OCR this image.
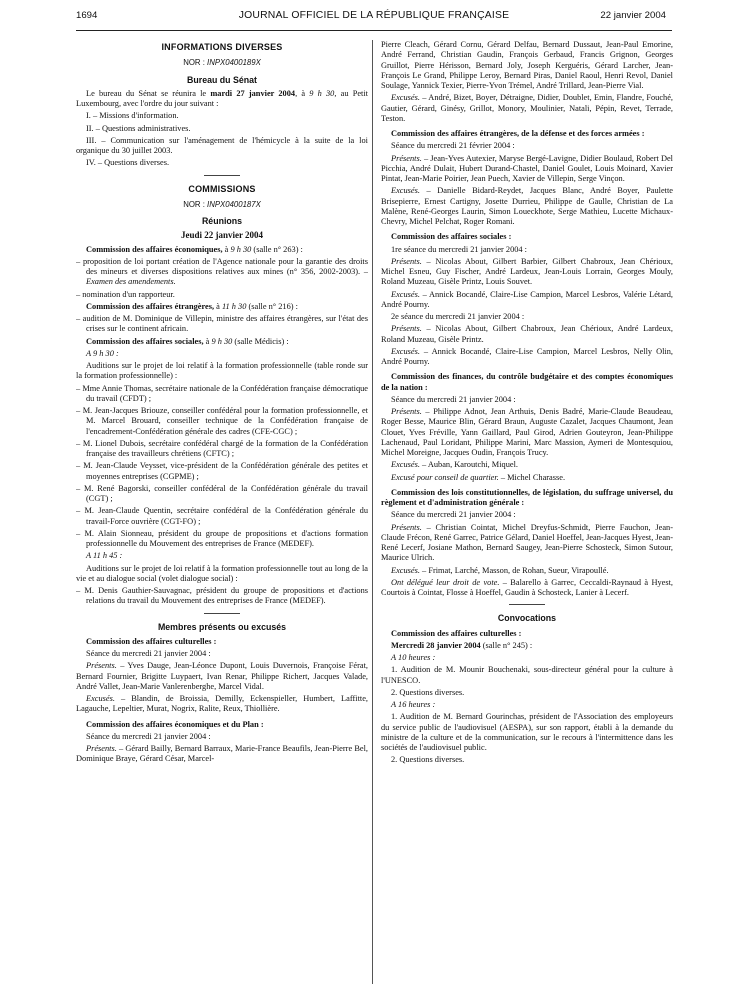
1694	JOURNAL OFFICIEL DE LA RÉPUBLIQUE FRANÇAISE	22 janvier 2004
INFORMATIONS DIVERSES
NOR : INPX0400189X
Bureau du Sénat

Le bureau du Sénat se réunira le mardi 27 janvier 2004, à 9 h 30, au Petit Luxembourg, avec l'ordre du jour suivant :

I. – Missions d'information.

II. – Questions administratives.

III. – Communication sur l'aménagement de l'hémicycle à la suite de la loi organique du 30 juillet 2003.

IV. – Questions diverses.

COMMISSIONS
NOR : INPX0400187X
Réunions
Jeudi 22 janvier 2004

Commission des affaires économiques, à 9 h 30 (salle n° 263) :

– proposition de loi portant création de l'Agence nationale pour la garantie des droits des mineurs et diverses dispositions relatives aux mines (n° 356, 2002-2003). – Examen des amendements.

– nomination d'un rapporteur.

Commission des affaires étrangères, à 11 h 30 (salle n° 216) :

– audition de M. Dominique de Villepin, ministre des affaires étrangères, sur l'état des crises sur le continent africain.

Commission des affaires sociales, à 9 h 30 (salle Médicis) :

A 9 h 30 :

Auditions sur le projet de loi relatif à la formation professionnelle (table ronde sur la formation professionnelle) :

– Mme Annie Thomas, secrétaire nationale de la Confédération française démocratique du travail (CFDT) ;

– M. Jean-Jacques Briouze, conseiller confédéral pour la formation professionnelle, et M. Marcel Brouard, conseiller technique de la Confédération française de l'encadrement-Confédération générale des cadres (CFE-CGC) ;

– M. Lionel Dubois, secrétaire confédéral chargé de la formation de la Confédération française des travailleurs chrétiens (CFTC) ;

– M. Jean-Claude Veysset, vice-président de la Confédération générale des petites et moyennes entreprises (CGPME) ;

– M. René Bagorski, conseiller confédéral de la Confédération générale du travail (CGT) ;

– M. Jean-Claude Quentin, secrétaire confédéral de la Confédération générale du travail-Force ouvrière (CGT-FO) ;

– M. Alain Sionneau, président du groupe de propositions et d'actions formation professionnelle du Mouvement des entreprises de France (MEDEF).

A 11 h 45 :

Auditions sur le projet de loi relatif à la formation professionnelle tout au long de la vie et au dialogue social (volet dialogue social) :

– M. Denis Gauthier-Sauvagnac, président du groupe de propositions et d'actions relations du travail du Mouvement des entreprises de France (MEDEF).

Membres présents ou excusés

Commission des affaires culturelles :

Séance du mercredi 21 janvier 2004 :

Présents. – Yves Dauge, Jean-Léonce Dupont, Louis Duvernois, Françoise Férat, Bernard Fournier, Brigitte Luypaert, Ivan Renar, Philippe Richert, Jacques Valade, André Vallet, Jean-Marie Vanlerenberghe, Marcel Vidal.

Excusés. – Blandin, de Broissia, Demilly, Eckenspieller, Humbert, Laffitte, Lagauche, Lepeltier, Murat, Nogrix, Ralite, Reux, Thiollière.

Commission des affaires économiques et du Plan :

Séance du mercredi 21 janvier 2004 :

Présents. – Gérard Bailly, Bernard Barraux, Marie-France Beaufils, Jean-Pierre Bel, Dominique Braye, Gérard César, Marcel-

Pierre Cleach, Gérard Cornu, Gérard Delfau, Bernard Dussaut, Jean-Paul Emorine, André Ferrand, Christian Gaudin, François Gerbaud, Francis Grignon, Georges Gruillot, Pierre Hérisson, Bernard Joly, Joseph Kerguéris, Gérard Larcher, Jean-François Le Grand, Philippe Leroy, Bernard Piras, Daniel Raoul, Henri Revol, Daniel Soulage, Yannick Texier, Pierre-Yvon Trémel, André Trillard, Jean-Pierre Vial.

Excusés. – André, Bizet, Boyer, Détraigne, Didier, Doublet, Emin, Flandre, Fouché, Gautier, Gérard, Ginésy, Grillot, Monory, Moulinier, Natali, Pépin, Revet, Terrade, Teston.

Commission des affaires étrangères, de la défense et des forces armées :

Séance du mercredi 21 février 2004 :

Présents. – Jean-Yves Autexier, Maryse Bergé-Lavigne, Didier Boulaud, Robert Del Picchia, André Dulait, Hubert Durand-Chastel, Daniel Goulet, Louis Moinard, Xavier Pintat, Jean-Marie Poirier, Jean Puech, Xavier de Villepin, Serge Vinçon.

Excusés. – Danielle Bidard-Reydet, Jacques Blanc, André Boyer, Paulette Brisepierre, Ernest Cartigny, Josette Durrieu, Philippe de Gaulle, Christian de La Malène, René-Georges Laurin, Simon Loueckhote, Serge Mathieu, Lucette Michaux-Chevry, Michel Pelchat, Roger Romani.

Commission des affaires sociales :

1re séance du mercredi 21 janvier 2004 :

Présents. – Nicolas About, Gilbert Barbier, Gilbert Chabroux, Jean Chérioux, Michel Esneu, Guy Fischer, André Lardeux, Jean-Louis Lorrain, Georges Mouly, Roland Muzeau, Gisèle Printz, Louis Souvet.

Excusés. – Annick Bocandé, Claire-Lise Campion, Marcel Lesbros, Valérie Létard, André Pourny.

2e séance du mercredi 21 janvier 2004 :

Présents. – Nicolas About, Gilbert Chabroux, Jean Chérioux, André Lardeux, Roland Muzeau, Gisèle Printz.

Excusés. – Annick Bocandé, Claire-Lise Campion, Marcel Lesbros, Nelly Olin, André Pourny.

Commission des finances, du contrôle budgétaire et des comptes économiques de la nation :

Séance du mercredi 21 janvier 2004 :

Présents. – Philippe Adnot, Jean Arthuis, Denis Badré, Marie-Claude Beaudeau, Roger Besse, Maurice Blin, Gérard Braun, Auguste Cazalet, Jacques Chaumont, Jean Clouet, Yves Fréville, Yann Gaillard, Paul Girod, Adrien Gouteyron, Jean-Philippe Lachenaud, Paul Loridant, Philippe Marini, Marc Massion, Aymeri de Montesquiou, Michel Moreigne, Jacques Oudin, François Trucy.

Excusés. – Auban, Karoutchi, Miquel.

Excusé pour conseil de quartier. – Michel Charasse.

Commission des lois constitutionnelles, de législation, du suffrage universel, du règlement et d'administration générale :

Séance du mercredi 21 janvier 2004 :

Présents. – Christian Cointat, Michel Dreyfus-Schmidt, Pierre Fauchon, Jean-Claude Frécon, René Garrec, Patrice Gélard, Daniel Hoeffel, Jean-Jacques Hyest, Jean-René Lecerf, Josiane Mathon, Bernard Saugey, Jean-Pierre Schosteck, Simon Sutour, Maurice Ulrich.

Excusés. – Frimat, Larché, Masson, de Rohan, Sueur, Virapoullé.

Ont délégué leur droit de vote. – Balarello à Garrec, Ceccaldi-Raynaud à Hyest, Courtois à Cointat, Flosse à Hoeffel, Gaudin à Schosteck, Lanier à Lecerf.

Convocations

Commission des affaires culturelles :

Mercredi 28 janvier 2004 (salle n° 245) :

A 10 heures :

1. Audition de M. Mounir Bouchenaki, sous-directeur général pour la culture à l'UNESCO.

2. Questions diverses.

A 16 heures :

1. Audition de M. Bernard Gourinchas, président de l'Association des employeurs du service public de l'audiovisuel (AESPA), sur son rapport, établi à la demande du ministre de la culture et de la communication, sur le recours à l'intermittence dans les sociétés de l'audiovisuel public.

2. Questions diverses.
